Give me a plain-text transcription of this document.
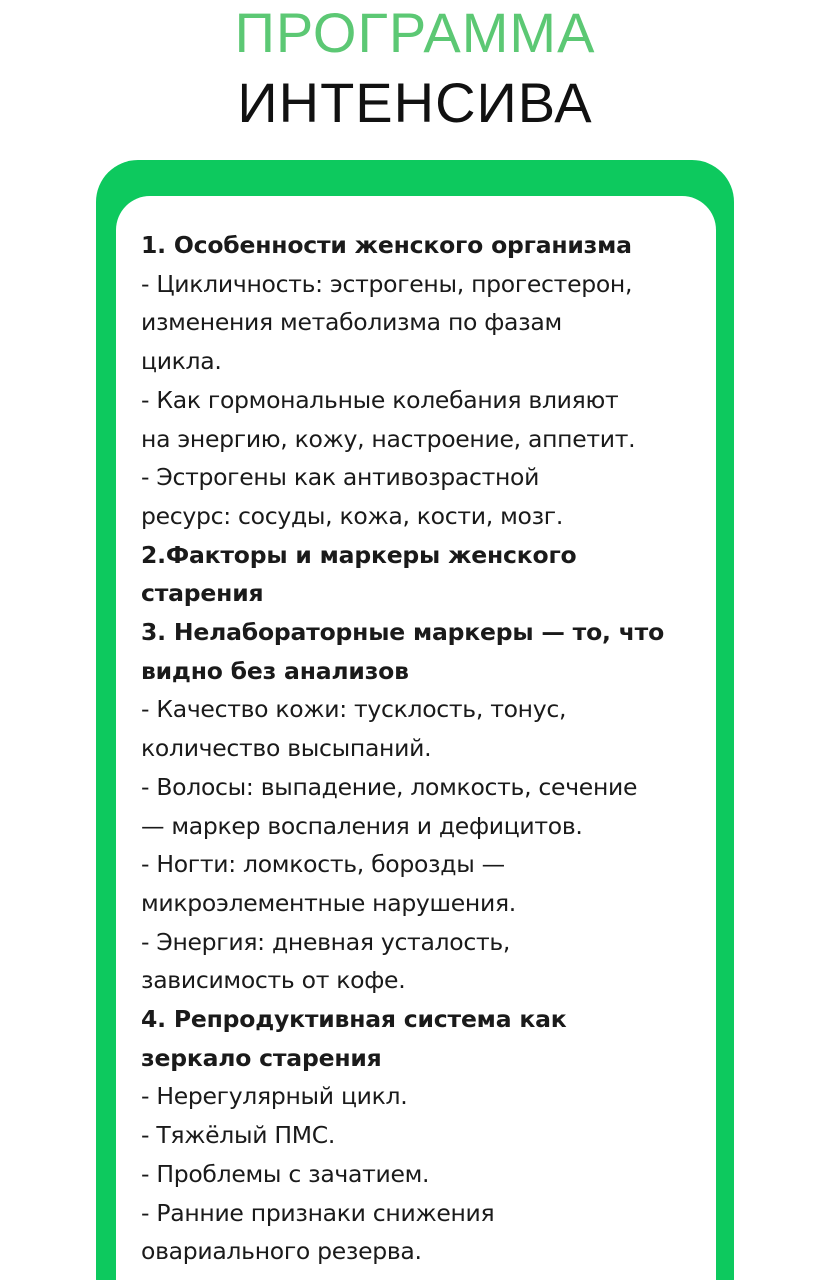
ПРОГРАММА
ИНТЕНСИВА
1. Особенности женского организма
- Цикличность: эстрогены, прогестерон,
изменения метаболизма по фазам
цикла.
- Как гормональные колебания влияют
на энергию, кожу, настроение, аппетит.
- Эстрогены как антивозрастной
ресурс: сосуды, кожа, кости, мозг.
2.Факторы и маркеры женского
старения
3. Нелабораторные маркеры — то, что
видно без анализов
- Качество кожи: тусклость, тонус,
количество высыпаний.
- Волосы: выпадение, ломкость, сечение
— маркер воспаления и дефицитов.
- Ногти: ломкость, борозды —
микроэлементные нарушения.
- Энергия: дневная усталость,
зависимость от кофе.
4. Репродуктивная система как
зеркало старения
- Нерегулярный цикл.
- Тяжёлый ПМС.
- Проблемы с зачатием.
- Ранние признаки снижения
овариального резерва.
